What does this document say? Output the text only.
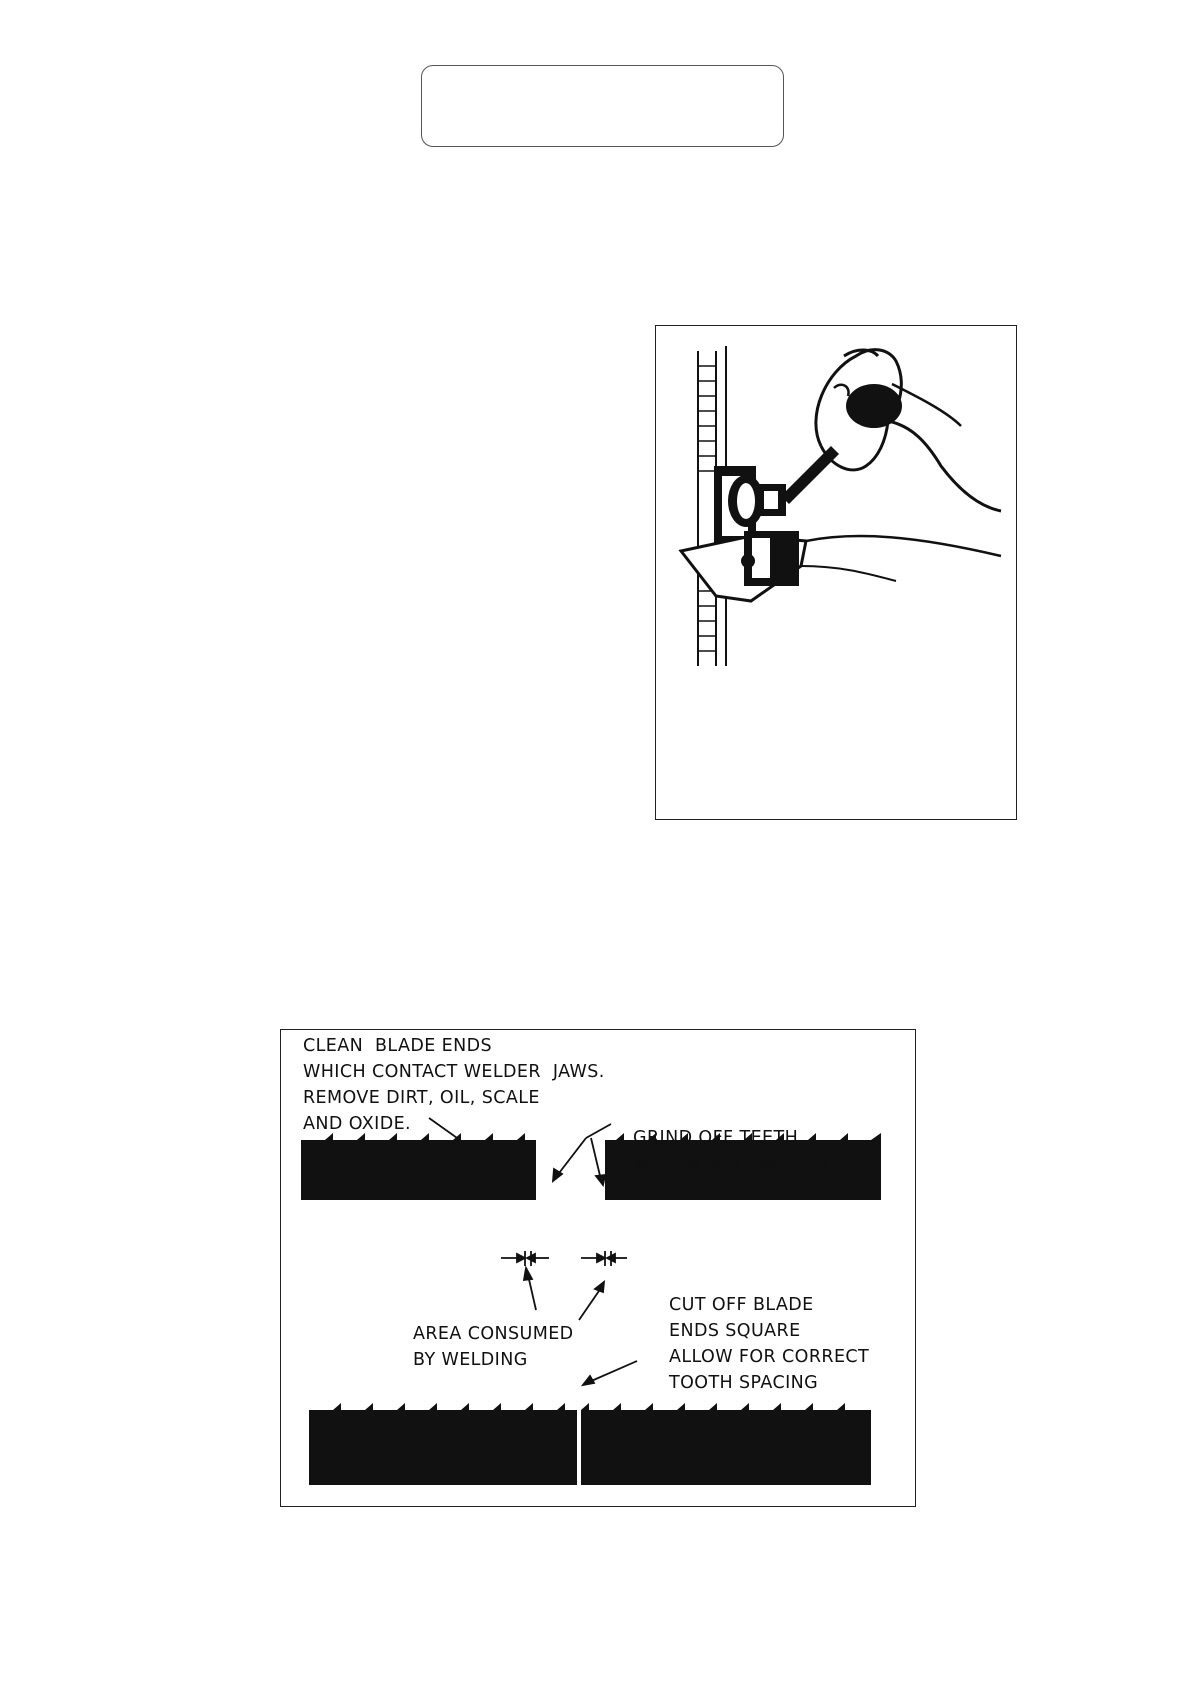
CLEAN  BLADE ENDS
WHICH CONTACT WELDER  JAWS.
REMOVE DIRT, OIL, SCALE
AND OXIDE.

GRIND OFF TEETH
WITHIN WELDING AREA

AREA CONSUMED
BY WELDING

CUT OFF BLADE
ENDS SQUARE
ALLOW FOR CORRECT
TOOTH SPACING
